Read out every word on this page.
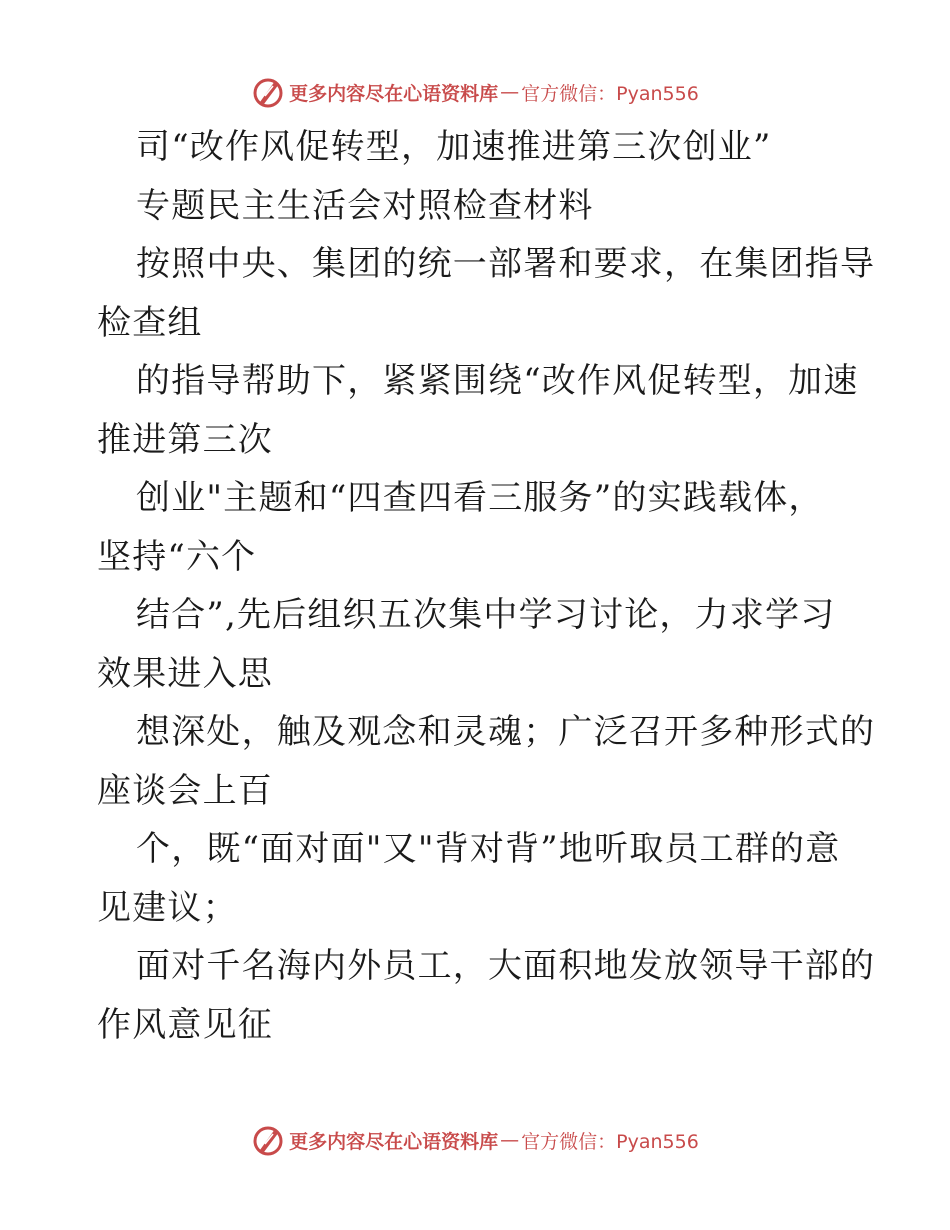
更多内容尽在心语资料库 — 官方微信：Pyan556
司“改作风促转型，加速推进第三次创业”
专题民主生活会对照检查材料
按照中央、集团的统一部署和要求，在集团指导
检查组
的指导帮助下，紧紧围绕“改作风促转型，加速
推进第三次
创业"主题和“四查四看三服务”的实践载体，
坚持“六个
结合”,先后组织五次集中学习讨论，力求学习
效果进入思
想深处，触及观念和灵魂；广泛召开多种形式的
座谈会上百
个，既“面对面"又"背对背”地听取员工群的意
见建议；
面对千名海内外员工，大面积地发放领导干部的
作风意见征
更多内容尽在心语资料库 — 官方微信：Pyan556
